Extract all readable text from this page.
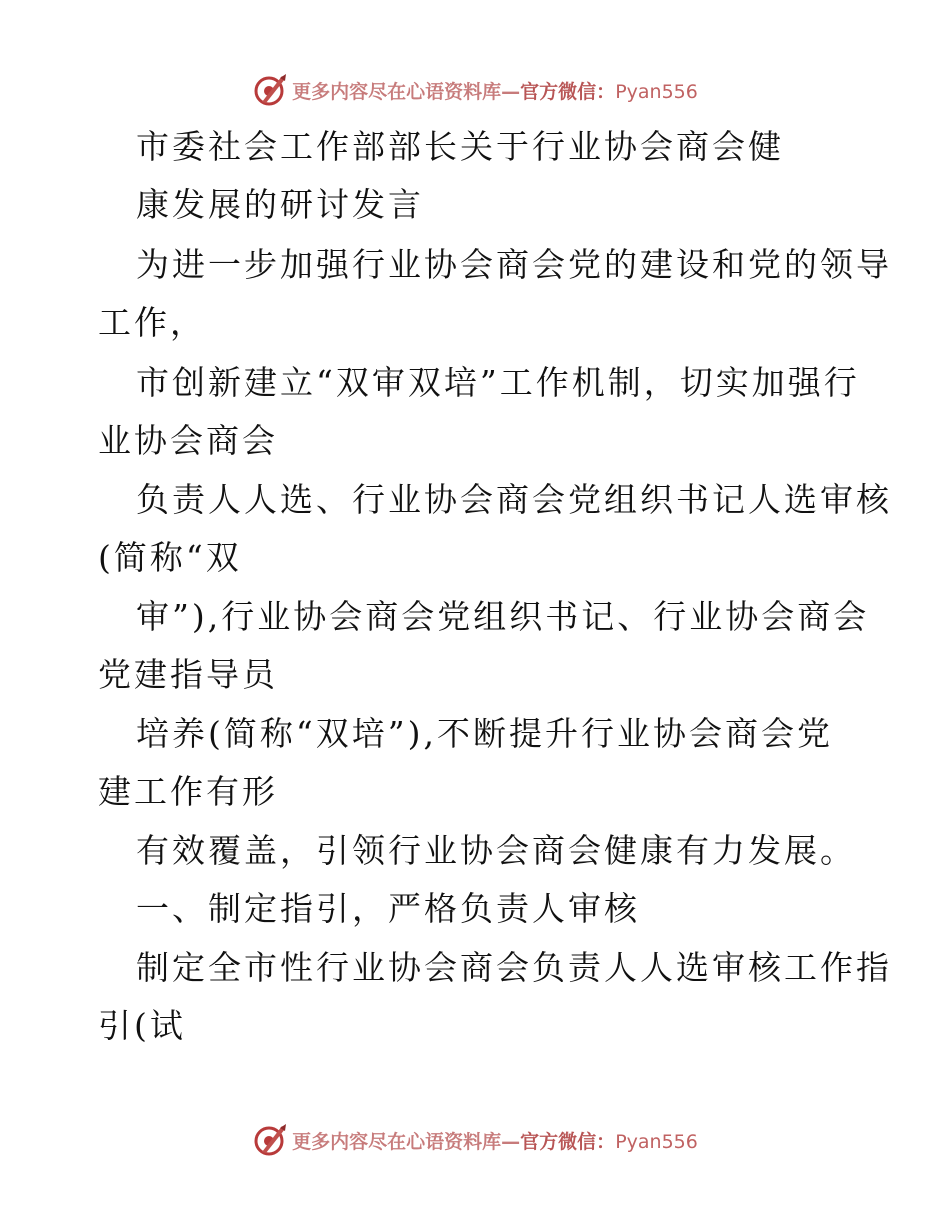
更多内容尽在心语资料库—官方微信：Pyan556
市委社会工作部部长关于行业协会商会健
康发展的研讨发言
为进一步加强行业协会商会党的建设和党的领导
工作，
市创新建立“双审双培”工作机制，切实加强行
业协会商会
负责人人选、行业协会商会党组织书记人选审核
(简称“双
审”),行业协会商会党组织书记、行业协会商会
党建指导员
培养(简称“双培”),不断提升行业协会商会党
建工作有形
有效覆盖，引领行业协会商会健康有力发展。
一、制定指引，严格负责人审核
制定全市性行业协会商会负责人人选审核工作指
引(试
更多内容尽在心语资料库—官方微信：Pyan556
